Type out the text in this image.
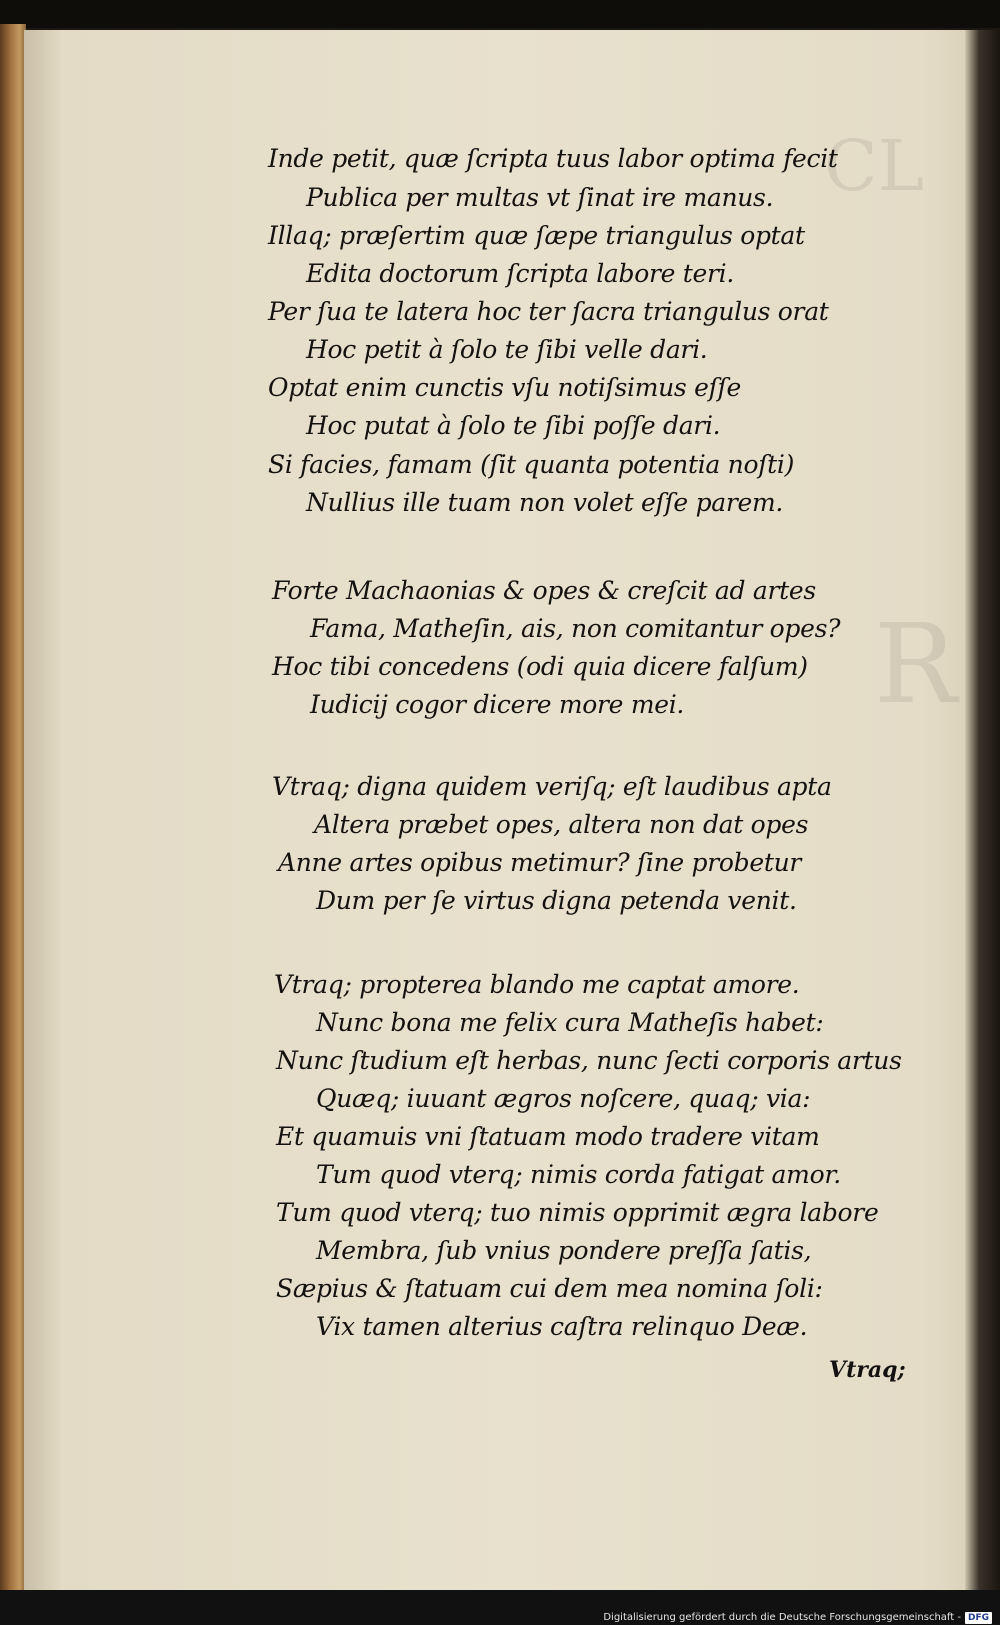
CL
R
Inde petit, quæ ſcripta tuus labor optima fecit
Publica per multas vt ſinat ire manus.
Illaq; præſertim quæ ſæpe triangulus optat
Edita doctorum ſcripta labore teri.
Per ſua te latera hoc ter ſacra triangulus orat
Hoc petit à ſolo te ſibi velle dari.
Optat enim cunctis vſu notiſsimus eſſe
Hoc putat à ſolo te ſibi poſſe dari.
Si facies, famam (ſit quanta potentia noſti)
Nullius ille tuam non volet eſſe parem.
Forte Machaonias & opes & creſcit ad artes
Fama, Matheſin, ais, non comitantur opes?
Hoc tibi concedens (odi quia dicere falſum)
Iudicij cogor dicere more mei.
Vtraq; digna quidem veriſq; eſt laudibus apta
Altera præbet opes, altera non dat opes
Anne artes opibus metimur? ſine probetur
Dum per ſe virtus digna petenda venit.
Vtraq; propterea blando me captat amore.
Nunc bona me felix cura Matheſis habet:
Nunc ſtudium eſt herbas, nunc ſecti corporis artus
Quæq; iuuant ægros noſcere, quaq; via:
Et quamuis vni ſtatuam modo tradere vitam
Tum quod vterq; nimis corda fatigat amor.
Tum quod vterq; tuo nimis opprimit ægra labore
Membra, ſub vnius pondere preſſa ſatis,
Sæpius & ſtatuam cui dem mea nomina ſoli:
Vix tamen alterius caſtra relinquo Deæ.
Vtraq;
Digitalisierung gefördert durch die Deutsche Forschungsgemeinschaft - DFG
